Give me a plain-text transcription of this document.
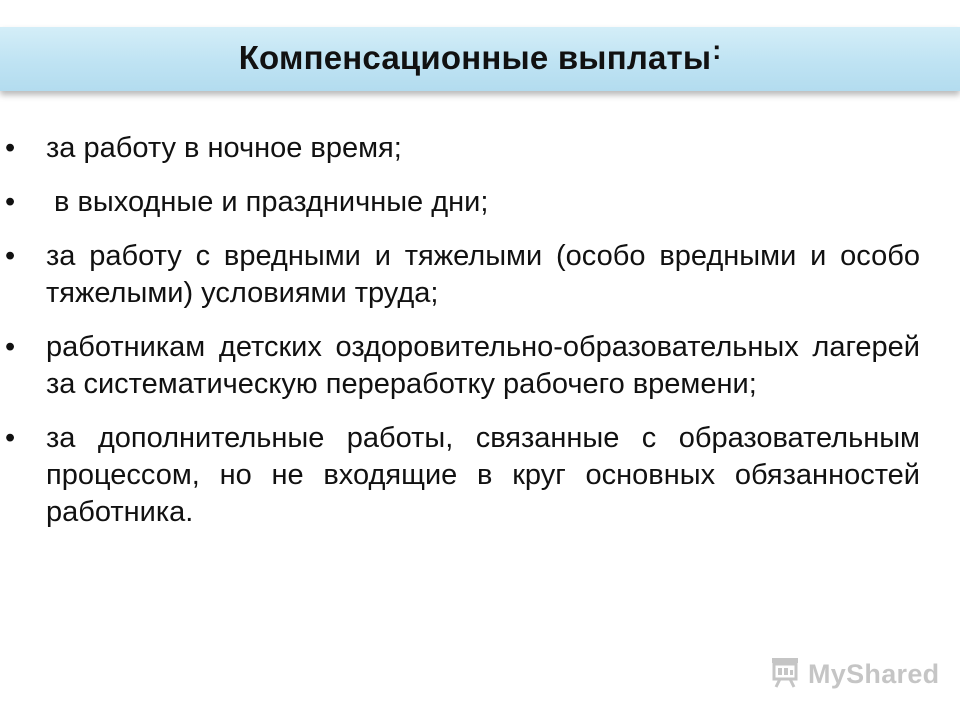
Компенсационные выплаты:
• за работу в ночное время;
• в выходные и праздничные дни;
• за работу с вредными и тяжелыми (особо вредными и особо тяжелыми) условиями труда;
• работникам детских оздоровительно-образовательных лагерей за систематическую переработку рабочего времени;
• за дополнительные работы, связанные с образовательным процессом, но не входящие в круг основных обязанностей работника.
MyShared
